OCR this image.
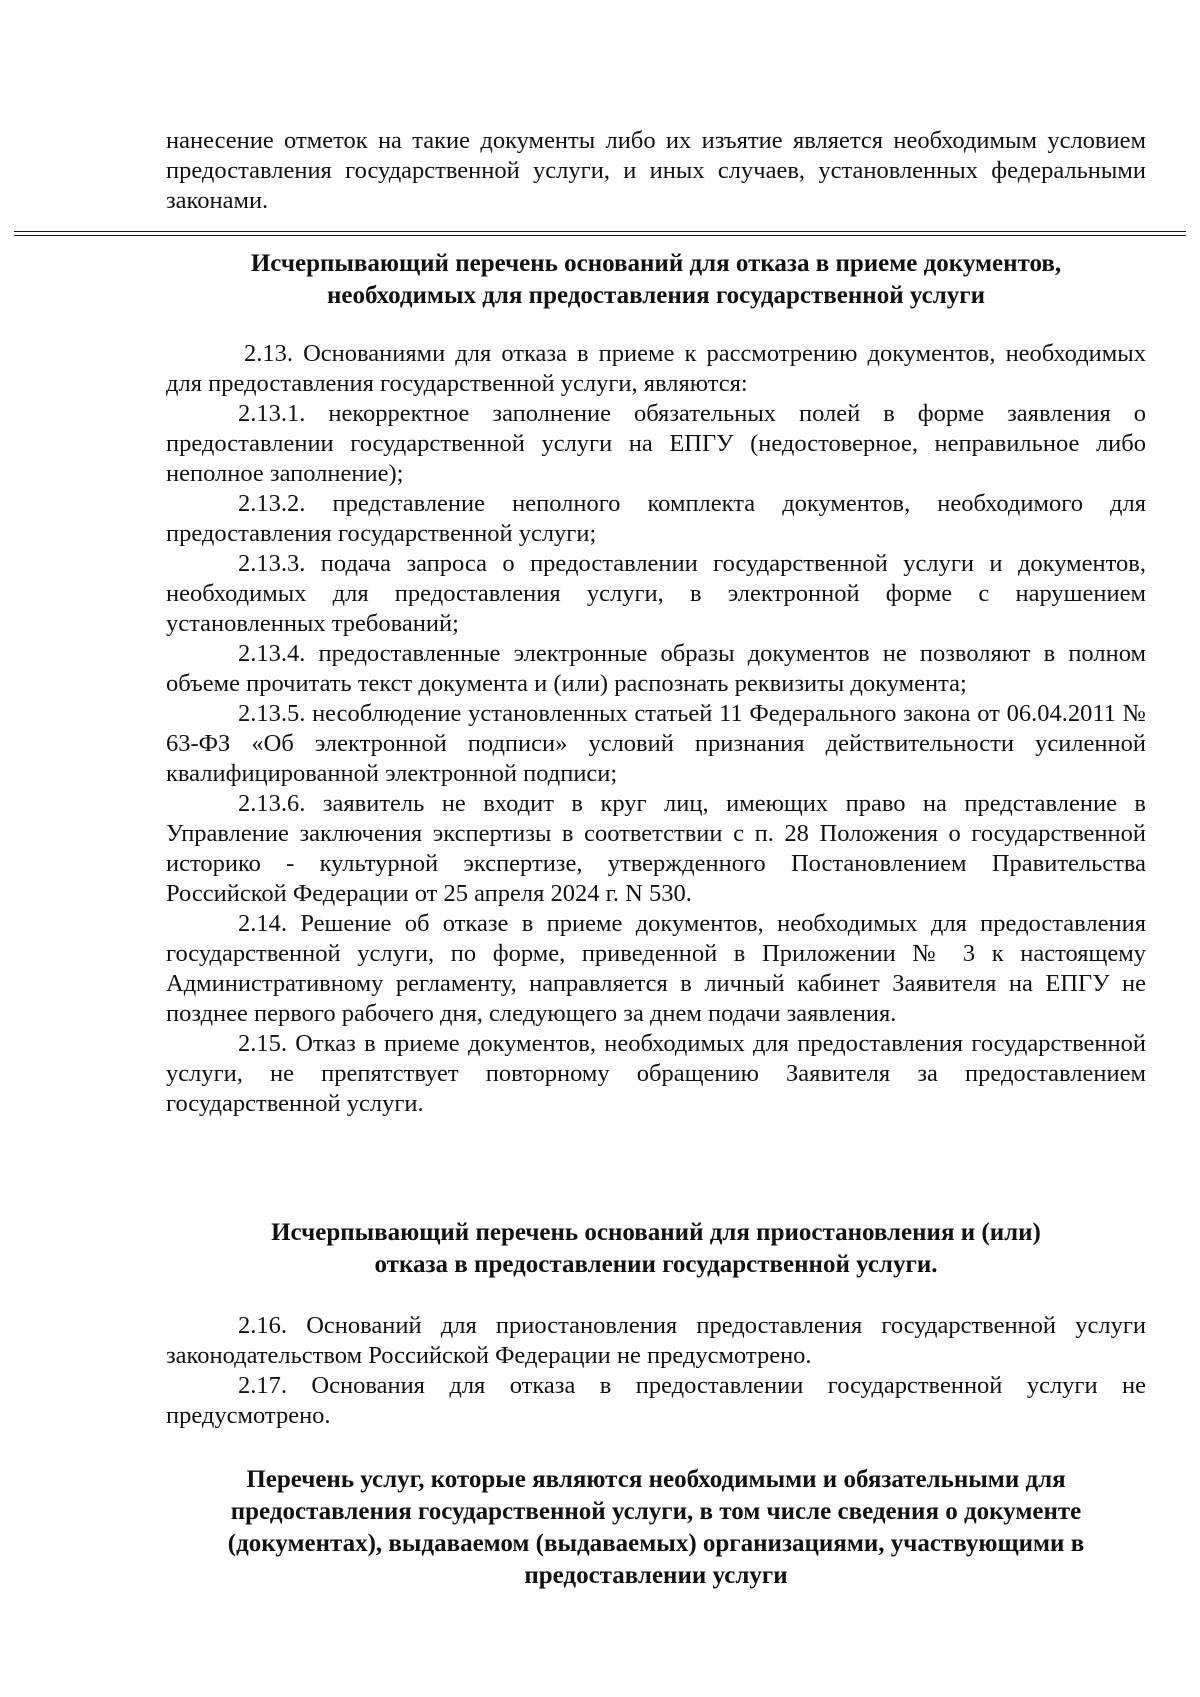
нанесение отметок на такие документы либо их изъятие является необходимым условием предоставления государственной услуги, и иных случаев, установленных федеральными законами.

Исчерпывающий перечень оснований для отказа в приеме документов,
необходимых для предоставления государственной услуги

2.13. Основаниями для отказа в приеме к рассмотрению документов, необходимых для предоставления государственной услуги, являются:

2.13.1. некорректное заполнение обязательных полей в форме заявления о предоставлении государственной услуги на ЕПГУ (недостоверное, неправильное либо неполное заполнение);

2.13.2. представление неполного комплекта документов, необходимого для предоставления государственной услуги;

2.13.3. подача запроса о предоставлении государственной услуги и документов, необходимых для предоставления услуги, в электронной форме с нарушением установленных требований;

2.13.4. предоставленные электронные образы документов не позволяют в полном объеме прочитать текст документа и (или) распознать реквизиты документа;

2.13.5. несоблюдение установленных статьей 11 Федерального закона от 06.04.2011 № 63-ФЗ «Об электронной подписи» условий признания действительности усиленной квалифицированной электронной подписи;

2.13.6. заявитель не входит в круг лиц, имеющих право на представление в Управление заключения экспертизы в соответствии с п. 28 Положения о государственной историко - культурной экспертизе, утвержденного Постановлением Правительства Российской Федерации от 25 апреля 2024 г. N 530.

2.14. Решение об отказе в приеме документов, необходимых для предоставления государственной услуги, по форме, приведенной в Приложении № 3 к настоящему Административному регламенту, направляется в личный кабинет Заявителя на ЕПГУ не позднее первого рабочего дня, следующего за днем подачи заявления.

2.15. Отказ в приеме документов, необходимых для предоставления государственной услуги, не препятствует повторному обращению Заявителя за предоставлением государственной услуги.

Исчерпывающий перечень оснований для приостановления и (или)
отказа в предоставлении государственной услуги.

2.16. Оснований для приостановления предоставления государственной услуги законодательством Российской Федерации не предусмотрено.

2.17. Основания для отказа в предоставлении государственной услуги не предусмотрено.

Перечень услуг, которые являются необходимыми и обязательными для
предоставления государственной услуги, в том числе сведения о документе
(документах), выдаваемом (выдаваемых) организациями, участвующими в
предоставлении услуги
